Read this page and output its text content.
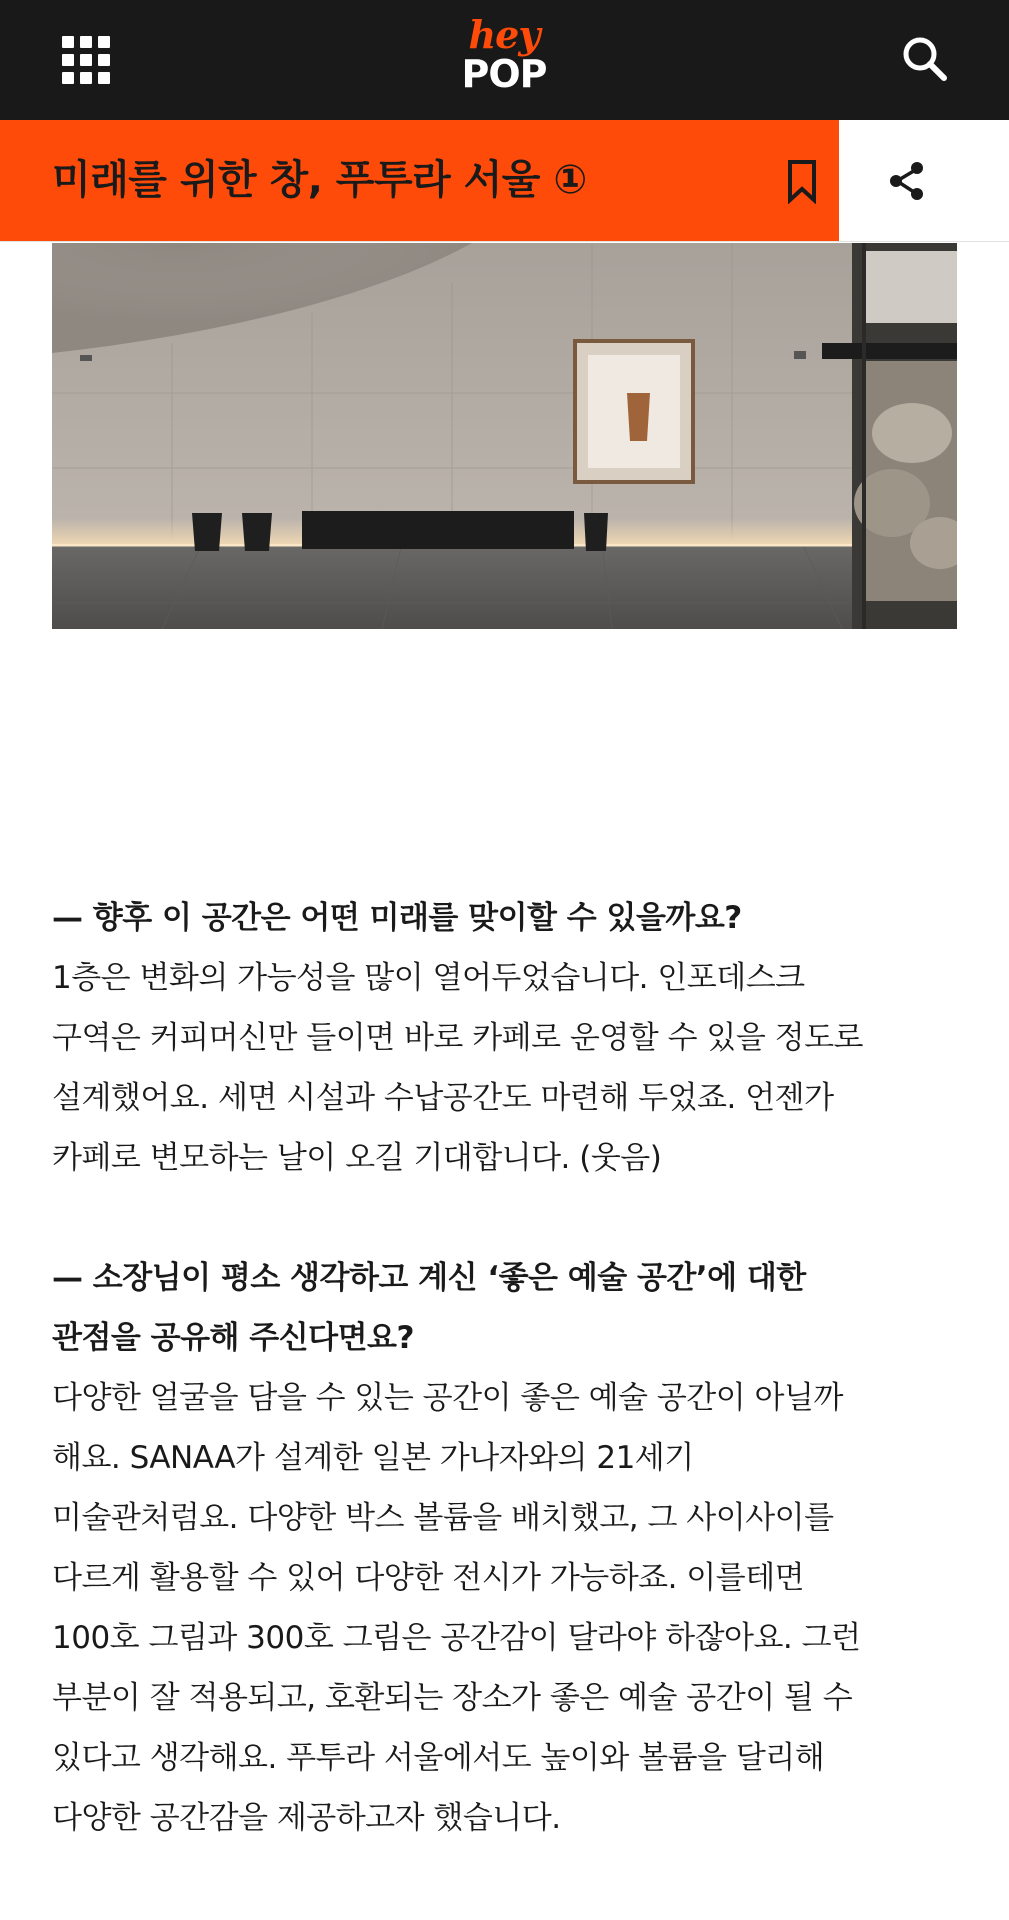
hey
POP
미래를 위한 창, 푸투라 서울 ①

— 향후 이 공간은 어떤 미래를 맞이할 수 있을까요?

1층은 변화의 가능성을 많이 열어두었습니다. 인포데스크

구역은 커피머신만 들이면 바로 카페로 운영할 수 있을 정도로

설계했어요. 세면 시설과 수납공간도 마련해 두었죠. 언젠가

카페로 변모하는 날이 오길 기대합니다. (웃음)

— 소장님이 평소 생각하고 계신 ‘좋은 예술 공간’에 대한

관점을 공유해 주신다면요?

다양한 얼굴을 담을 수 있는 공간이 좋은 예술 공간이 아닐까

해요. SANAA가 설계한 일본 가나자와의 21세기

미술관처럼요. 다양한 박스 볼륨을 배치했고, 그 사이사이를

다르게 활용할 수 있어 다양한 전시가 가능하죠. 이를테면

100호 그림과 300호 그림은 공간감이 달라야 하잖아요. 그런

부분이 잘 적용되고, 호환되는 장소가 좋은 예술 공간이 될 수

있다고 생각해요. 푸투라 서울에서도 높이와 볼륨을 달리해

다양한 공간감을 제공하고자 했습니다.
